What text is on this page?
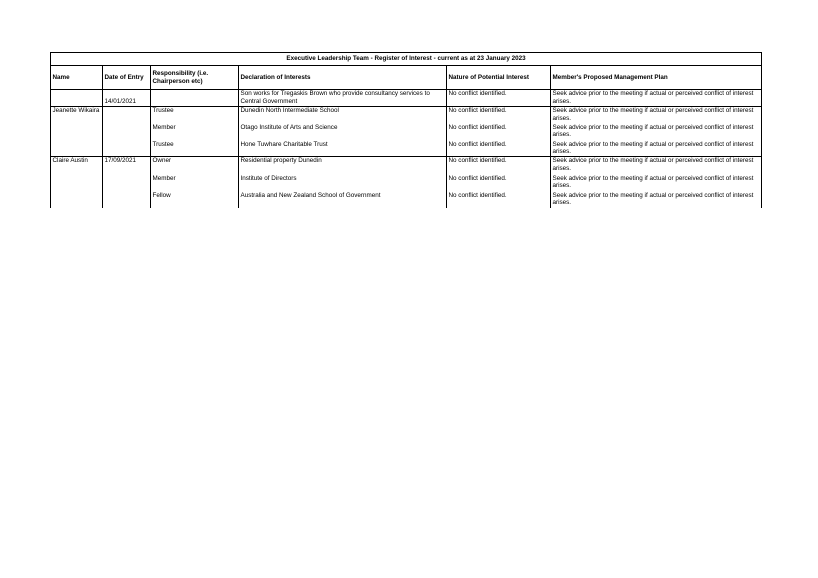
Executive Leadership Team - Register of Interest - current as at 23 January 2023					
Name	Date of Entry	Responsibility (i.e. Chairperson etc)	Declaration of Interests	Nature of Potential Interest	Member's Proposed Management Plan
	14/01/2021		Son works for Tregaskis Brown who provide consultancy services to Central Government	No conflict identified.	Seek advice prior to the meeting if actual or perceived conflict of interest arises.
Jeanette Wikaira		Trustee	Dunedin North Intermediate School	No conflict identified.	Seek advice prior to the meeting if actual or perceived conflict of interest arises.
		Member	Otago Institute of Arts and Science	No conflict identified.	Seek advice prior to the meeting if actual or perceived conflict of interest arises.
		Trustee	Hone Tuwhare Charitable Trust	No conflict identified.	Seek advice prior to the meeting if actual or perceived conflict of interest arises.
Claire Austin	17/09/2021	Owner	Residential property Dunedin	No conflict identified.	Seek advice prior to the meeting if actual or perceived conflict of interest arises.
		Member	Institute of Directors	No conflict identified.	Seek advice prior to the meeting if actual or perceived conflict of interest arises.
		Fellow	Australia and New Zealand School of Government	No conflict identified.	Seek advice prior to the meeting if actual or perceived conflict of interest arises.
